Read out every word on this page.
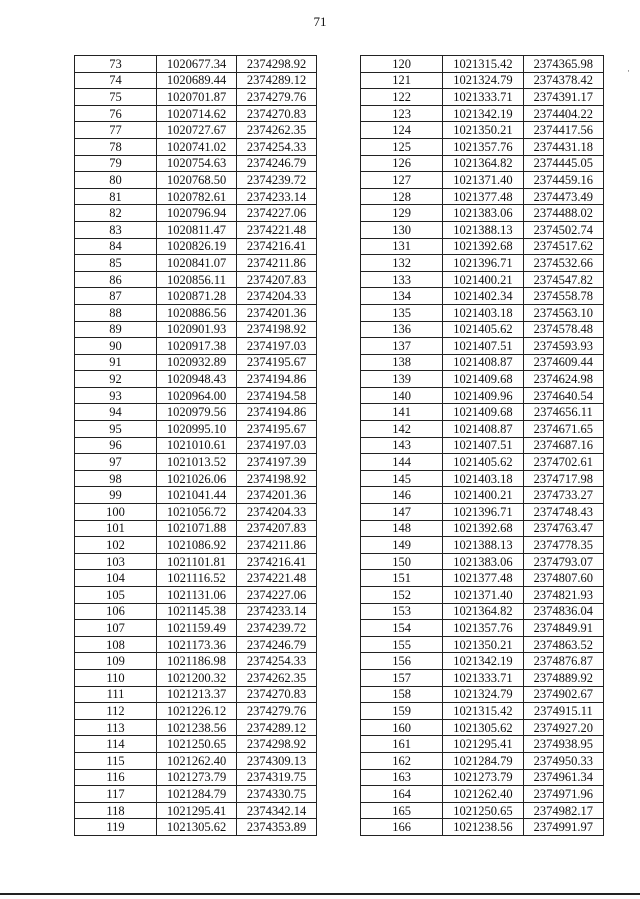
71
·
73	1020677.34	2374298.92
74	1020689.44	2374289.12
75	1020701.87	2374279.76
76	1020714.62	2374270.83
77	1020727.67	2374262.35
78	1020741.02	2374254.33
79	1020754.63	2374246.79
80	1020768.50	2374239.72
81	1020782.61	2374233.14
82	1020796.94	2374227.06
83	1020811.47	2374221.48
84	1020826.19	2374216.41
85	1020841.07	2374211.86
86	1020856.11	2374207.83
87	1020871.28	2374204.33
88	1020886.56	2374201.36
89	1020901.93	2374198.92
90	1020917.38	2374197.03
91	1020932.89	2374195.67
92	1020948.43	2374194.86
93	1020964.00	2374194.58
94	1020979.56	2374194.86
95	1020995.10	2374195.67
96	1021010.61	2374197.03
97	1021013.52	2374197.39
98	1021026.06	2374198.92
99	1021041.44	2374201.36
100	1021056.72	2374204.33
101	1021071.88	2374207.83
102	1021086.92	2374211.86
103	1021101.81	2374216.41
104	1021116.52	2374221.48
105	1021131.06	2374227.06
106	1021145.38	2374233.14
107	1021159.49	2374239.72
108	1021173.36	2374246.79
109	1021186.98	2374254.33
110	1021200.32	2374262.35
111	1021213.37	2374270.83
112	1021226.12	2374279.76
113	1021238.56	2374289.12
114	1021250.65	2374298.92
115	1021262.40	2374309.13
116	1021273.79	2374319.75
117	1021284.79	2374330.75
118	1021295.41	2374342.14
119	1021305.62	2374353.89
120	1021315.42	2374365.98
121	1021324.79	2374378.42
122	1021333.71	2374391.17
123	1021342.19	2374404.22
124	1021350.21	2374417.56
125	1021357.76	2374431.18
126	1021364.82	2374445.05
127	1021371.40	2374459.16
128	1021377.48	2374473.49
129	1021383.06	2374488.02
130	1021388.13	2374502.74
131	1021392.68	2374517.62
132	1021396.71	2374532.66
133	1021400.21	2374547.82
134	1021402.34	2374558.78
135	1021403.18	2374563.10
136	1021405.62	2374578.48
137	1021407.51	2374593.93
138	1021408.87	2374609.44
139	1021409.68	2374624.98
140	1021409.96	2374640.54
141	1021409.68	2374656.11
142	1021408.87	2374671.65
143	1021407.51	2374687.16
144	1021405.62	2374702.61
145	1021403.18	2374717.98
146	1021400.21	2374733.27
147	1021396.71	2374748.43
148	1021392.68	2374763.47
149	1021388.13	2374778.35
150	1021383.06	2374793.07
151	1021377.48	2374807.60
152	1021371.40	2374821.93
153	1021364.82	2374836.04
154	1021357.76	2374849.91
155	1021350.21	2374863.52
156	1021342.19	2374876.87
157	1021333.71	2374889.92
158	1021324.79	2374902.67
159	1021315.42	2374915.11
160	1021305.62	2374927.20
161	1021295.41	2374938.95
162	1021284.79	2374950.33
163	1021273.79	2374961.34
164	1021262.40	2374971.96
165	1021250.65	2374982.17
166	1021238.56	2374991.97
